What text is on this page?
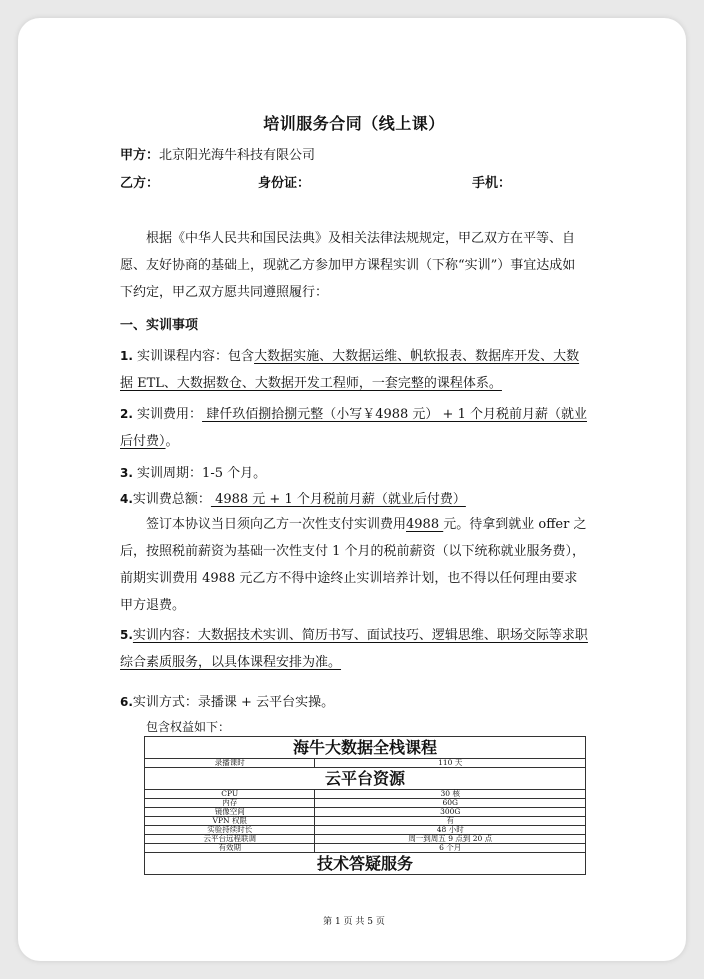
培训服务合同（线上课）
甲方：北京阳光海牛科技有限公司
乙方：	身份证：	手机：
根据《中华人民共和国民法典》及相关法律法规规定，甲乙双方在平等、自愿、友好协商的基础上，现就乙方参加甲方课程实训（下称“实训”）事宜达成如下约定，甲乙双方愿共同遵照履行：
一、实训事项
1. 实训课程内容：包含大数据实施、大数据运维、帆软报表、数据库开发、大数据 ETL、大数据数仓、大数据开发工程师，一套完整的课程体系。
2. 实训费用： 肆仟玖佰捌拾捌元整（小写￥4988 元） + 1 个月税前月薪（就业后付费）。
3. 实训周期：1-5 个月。
4.实训费总额： 4988 元 + 1 个月税前月薪（就业后付费）
签订本协议当日须向乙方一次性支付实训费用4988 元。待拿到就业 offer 之后，按照税前薪资为基础一次性支付 1 个月的税前薪资（以下统称就业服务费），前期实训费用 4988 元乙方不得中途终止实训培养计划，也不得以任何理由要求甲方退费。
5.实训内容：大数据技术实训、简历书写、面试技巧、逻辑思维、职场交际等求职综合素质服务，以具体课程安排为准。
6.实训方式：录播课 + 云平台实操。
包含权益如下：
海牛大数据全栈课程	
录播课时	110 天
云平台资源	
CPU	30 核
内存	60G
镜像空间	300G
VPN 权限	有
实验持续时长	48 小时
云平台远程联调	周一到周五 9 点到 20 点
有效期	6 个月
技术答疑服务	
第 1 页 共 5 页
